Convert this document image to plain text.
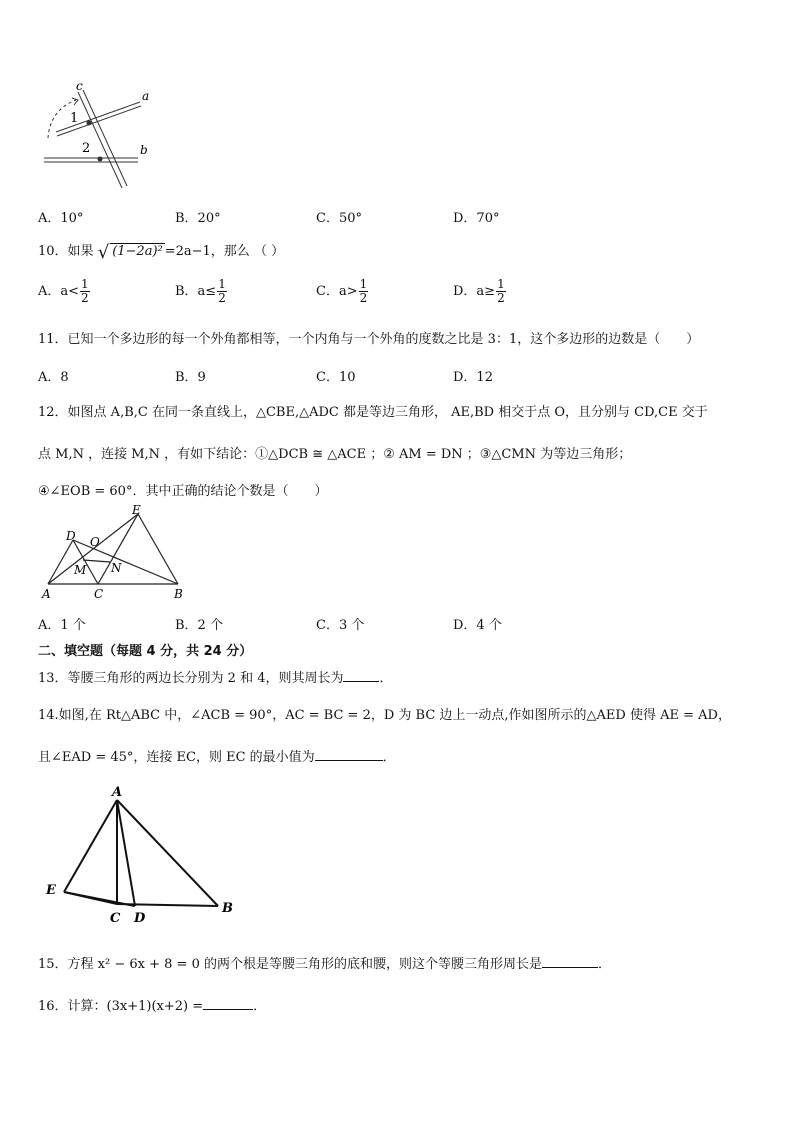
c
a
b
1
2
A．10°	B．20°	C．50°	D．70°
10．如果 √ (1−2a)² =2a−1，那么 （ ）
A．$a< \frac{1}{2}$	B．$a\le \frac{1}{2}$	C．$a> \frac{1}{2}$	D．$a\ge \frac{1}{2}$
11．已知一个多边形的每一个外角都相等，一个内角与一个外角的度数之比是 3：1，这个多边形的边数是（　　）
A．8	B．9	C．10	D．12
12．如图点 A,B,C 在同一条直线上，△CBE,△ADC 都是等边三角形， AE,BD 相交于点 O，且分别与 CD,CE 交于
点 M,N ，连接 M,N ，有如下结论：①△DCB ≅ △ACE ；② AM = DN ；③△CMN 为等边三角形；
④∠EOB = 60°．其中正确的结论个数是（　　）
A	C	B
D
E
O
M N
A．1 个	B．2 个	C．3 个	D．4 个
二、填空题（每题 4 分，共 24 分）
13．等腰三角形的两边长分别为 2 和 4，则其周长为	．
14.如图,在 Rt△ABC 中，∠ACB = 90°，AC = BC = 2，D 为 BC 边上一动点,作如图所示的△AED 使得 AE = AD，
且∠EAD = 45°，连接 EC，则 EC 的最小值为	．
A
E
C D
B
15．方程 x² − 6x + 8 = 0 的两个根是等腰三角形的底和腰，则这个等腰三角形周长是	．
16．计算：(3x+1)(x+2) =	．
